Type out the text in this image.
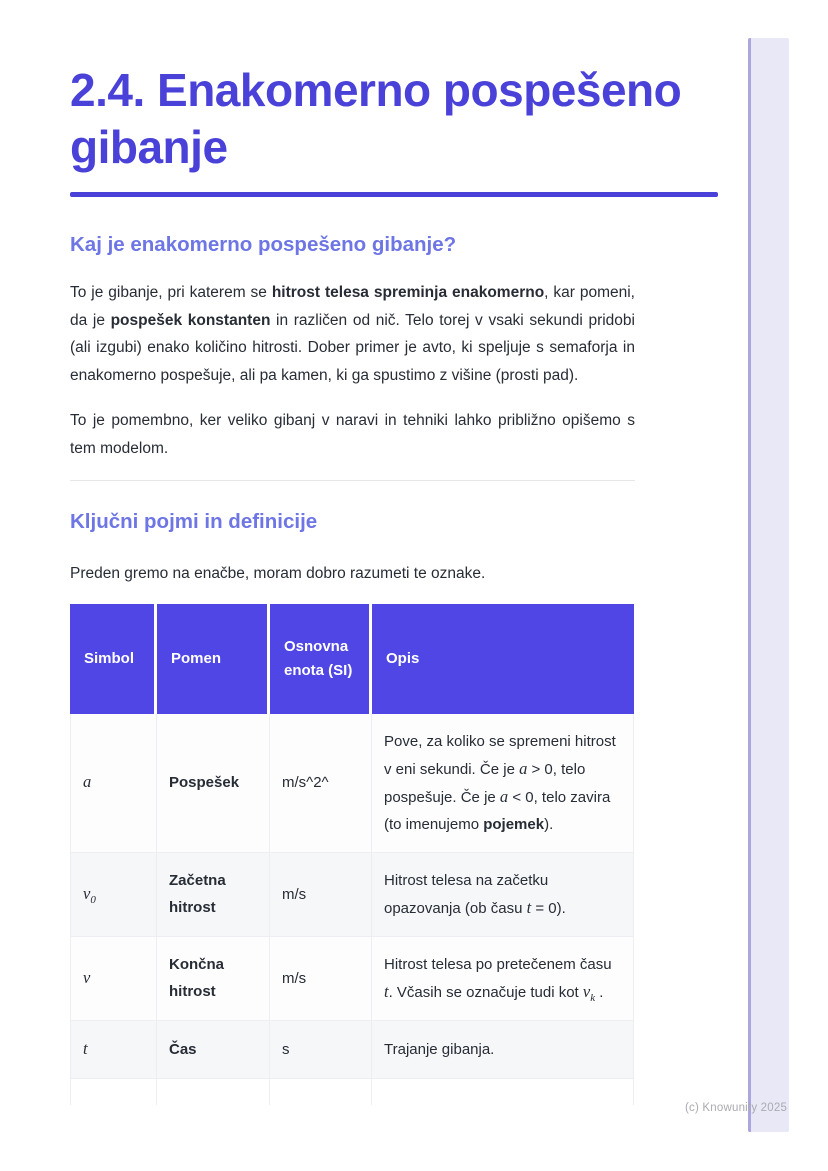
2.4. Enakomerno pospešeno gibanje
Kaj je enakomerno pospešeno gibanje?

To je gibanje, pri katerem se hitrost telesa spreminja enakomerno, kar pomeni, da je pospešek konstanten in različen od nič. Telo torej v vsaki sekundi pridobi (ali izgubi) enako količino hitrosti. Dober primer je avto, ki speljuje s semaforja in enakomerno pospešuje, ali pa kamen, ki ga spustimo z višine (prosti pad).

To je pomembno, ker veliko gibanj v naravi in tehniki lahko približno opišemo s tem modelom.

Ključni pojmi in definicije

Preden gremo na enačbe, moram dobro razumeti te oznake.

Simbol	Pomen	Osnovna enota (SI)	Opis
a	Pospešek	m/s^2^	Pove, za koliko se spremeni hitrost v eni sekundi. Če je a > 0, telo pospešuje. Če je a < 0, telo zavira (to imenujemo pojemek).
$v_0$	Začetna hitrost	m/s	Hitrost telesa na začetku opazovanja (ob času t = 0).
v	Končna hitrost	m/s	Hitrost telesa po pretečenem času t. Včasih se označuje tudi kot $v_k$ .
t	Čas	s	Trajanje gibanja.

(c) Knowunity 2025
